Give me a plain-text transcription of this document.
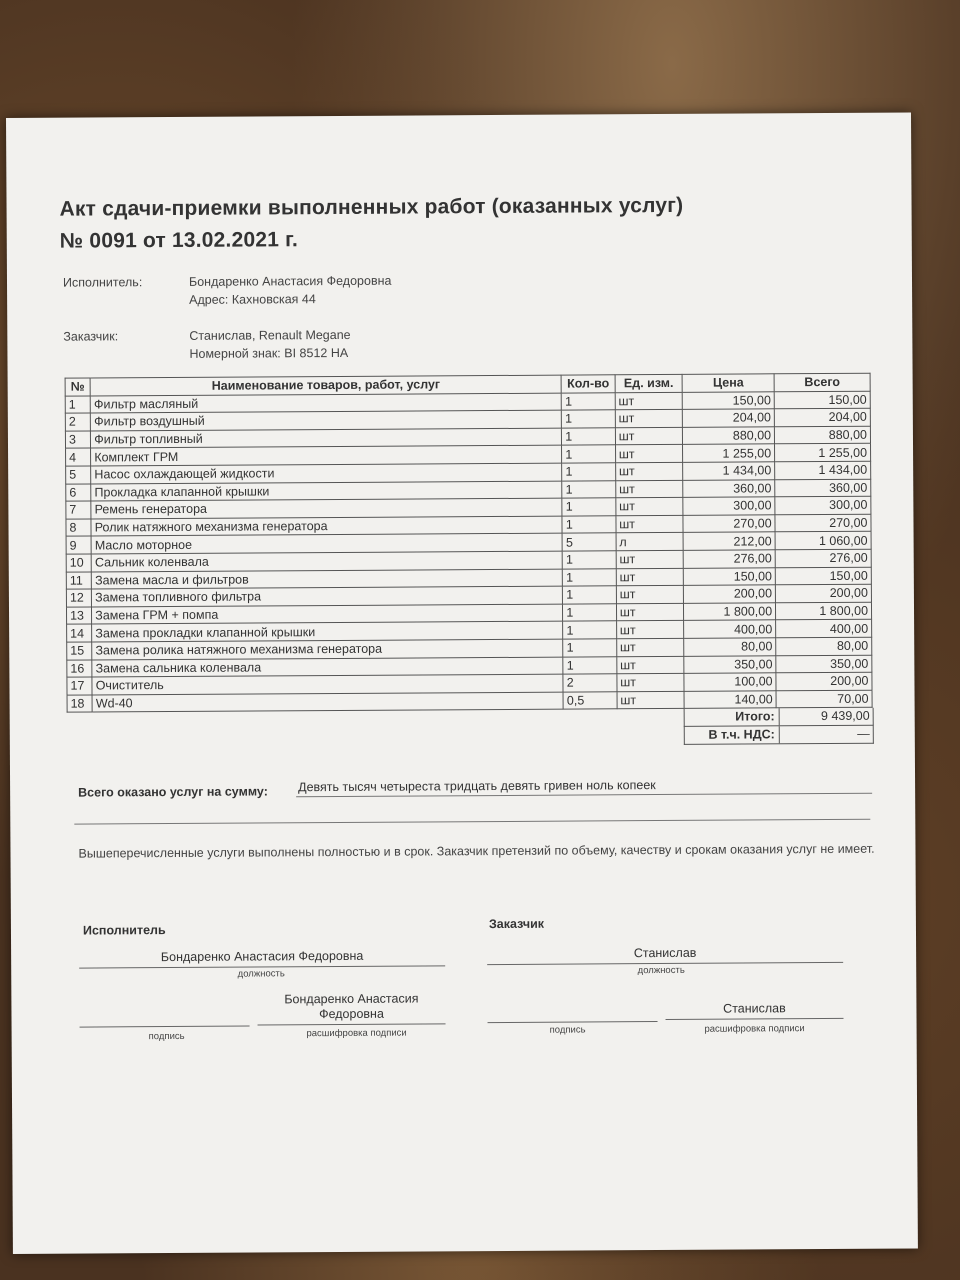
Акт сдачи-приемки выполненных работ (оказанных услуг)
№ 0091 от 13.02.2021 г.
Исполнитель:	Бондаренко Анастасия Федоровна
Адрес: Кахновская 44
Заказчик:	Станислав, Renault Megane
Номерной знак: BI 8512 HA
№	Наименование товаров, работ, услуг	Кол-во	Ед. изм.	Цена	Всего
1	Фильтр масляный	1	шт	150,00	150,00
2	Фильтр воздушный	1	шт	204,00	204,00
3	Фильтр топливный	1	шт	880,00	880,00
4	Комплект ГРМ	1	шт	1 255,00	1 255,00
5	Насос охлаждающей жидкости	1	шт	1 434,00	1 434,00
6	Прокладка клапанной крышки	1	шт	360,00	360,00
7	Ремень генератора	1	шт	300,00	300,00
8	Ролик натяжного механизма генератора	1	шт	270,00	270,00
9	Масло моторное	5	л	212,00	1 060,00
10	Сальник коленвала	1	шт	276,00	276,00
11	Замена масла и фильтров	1	шт	150,00	150,00
12	Замена топливного фильтра	1	шт	200,00	200,00
13	Замена ГРМ + помпа	1	шт	1 800,00	1 800,00
14	Замена прокладки клапанной крышки	1	шт	400,00	400,00
15	Замена ролика натяжного механизма генератора	1	шт	80,00	80,00
16	Замена сальника коленвала	1	шт	350,00	350,00
17	Очиститель	2	шт	100,00	200,00
18	Wd-40	0,5	шт	140,00	70,00
Итого:	9 439,00
В т.ч. НДС:	—
Всего оказано услуг на сумму: Девять тысяч четыреста тридцать девять гривен ноль копеек
Вышеперечисленные услуги выполнены полностью и в срок. Заказчик претензий по объему, качеству и срокам оказания услуг не имеет.
Исполнитель	Заказчик
Бондаренко Анастасия Федоровна
должность
Станислав
должность
Бондаренко Анастасия Федоровна
подпись	расшифровка подписи
Станислав
подпись	расшифровка подписи
